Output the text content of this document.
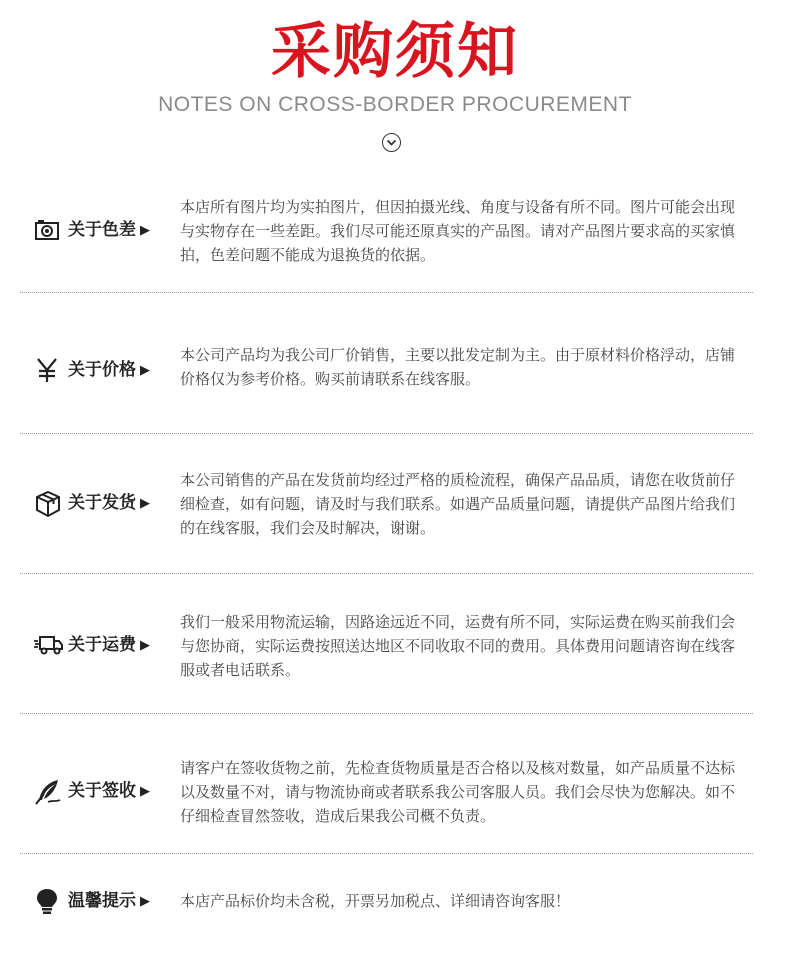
采购须知
NOTES ON CROSS-BORDER PROCUREMENT
关于色差 ▶
本店所有图片均为实拍图片，但因拍摄光线、角度与设备有所不同。图片可能会出现与实物存在一些差距。我们尽可能还原真实的产品图。请对产品图片要求高的买家慎拍，色差问题不能成为退换货的依据。
关于价格 ▶
本公司产品均为我公司厂价销售，主要以批发定制为主。由于原材料价格浮动，店铺价格仅为参考价格。购买前请联系在线客服。
关于发货 ▶
本公司销售的产品在发货前均经过严格的质检流程，确保产品品质，请您在收货前仔细检查，如有问题，请及时与我们联系。如遇产品质量问题，请提供产品图片给我们的在线客服，我们会及时解决，谢谢。
关于运费 ▶
我们一般采用物流运输，因路途远近不同，运费有所不同，实际运费在购买前我们会与您协商，实际运费按照送达地区不同收取不同的费用。具体费用问题请咨询在线客服或者电话联系。
关于签收 ▶
请客户在签收货物之前，先检查货物质量是否合格以及核对数量，如产品质量不达标以及数量不对，请与物流协商或者联系我公司客服人员。我们会尽快为您解决。如不仔细检查冒然签收，造成后果我公司概不负责。
温馨提示 ▶ 本店产品标价均未含税，开票另加税点、详细请咨询客服！
